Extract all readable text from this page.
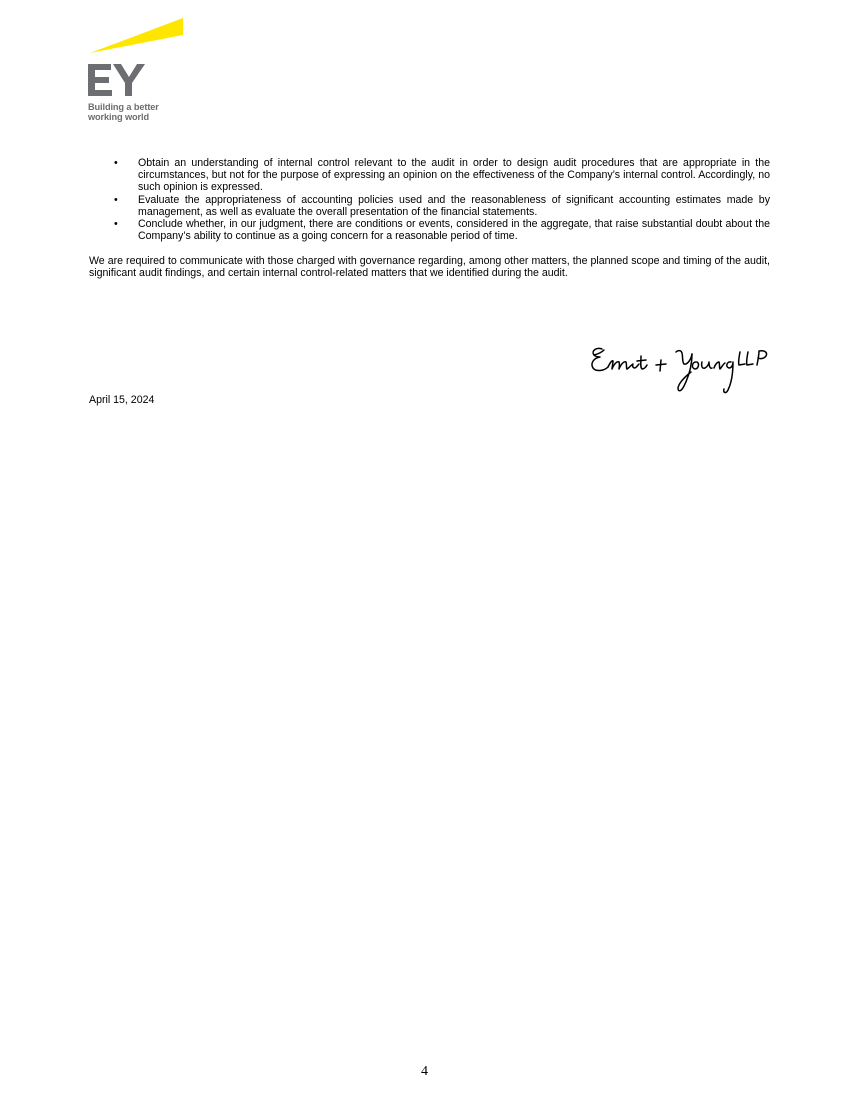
Building a better
working world
• Obtain an understanding of internal control relevant to the audit in order to design audit procedures that are appropriate in the circumstances, but not for the purpose of expressing an opinion on the effectiveness of the Company’s internal control. Accordingly, no such opinion is expressed.
• Evaluate the appropriateness of accounting policies used and the reasonableness of significant accounting estimates made by management, as well as evaluate the overall presentation of the financial statements.
• Conclude whether, in our judgment, there are conditions or events, considered in the aggregate, that raise substantial doubt about the Company’s ability to continue as a going concern for a reasonable period of time.

We are required to communicate with those charged with governance regarding, among other matters, the planned scope and timing of the audit, significant audit findings, and certain internal control-related matters that we identified during the audit.

April 15, 2024
4
